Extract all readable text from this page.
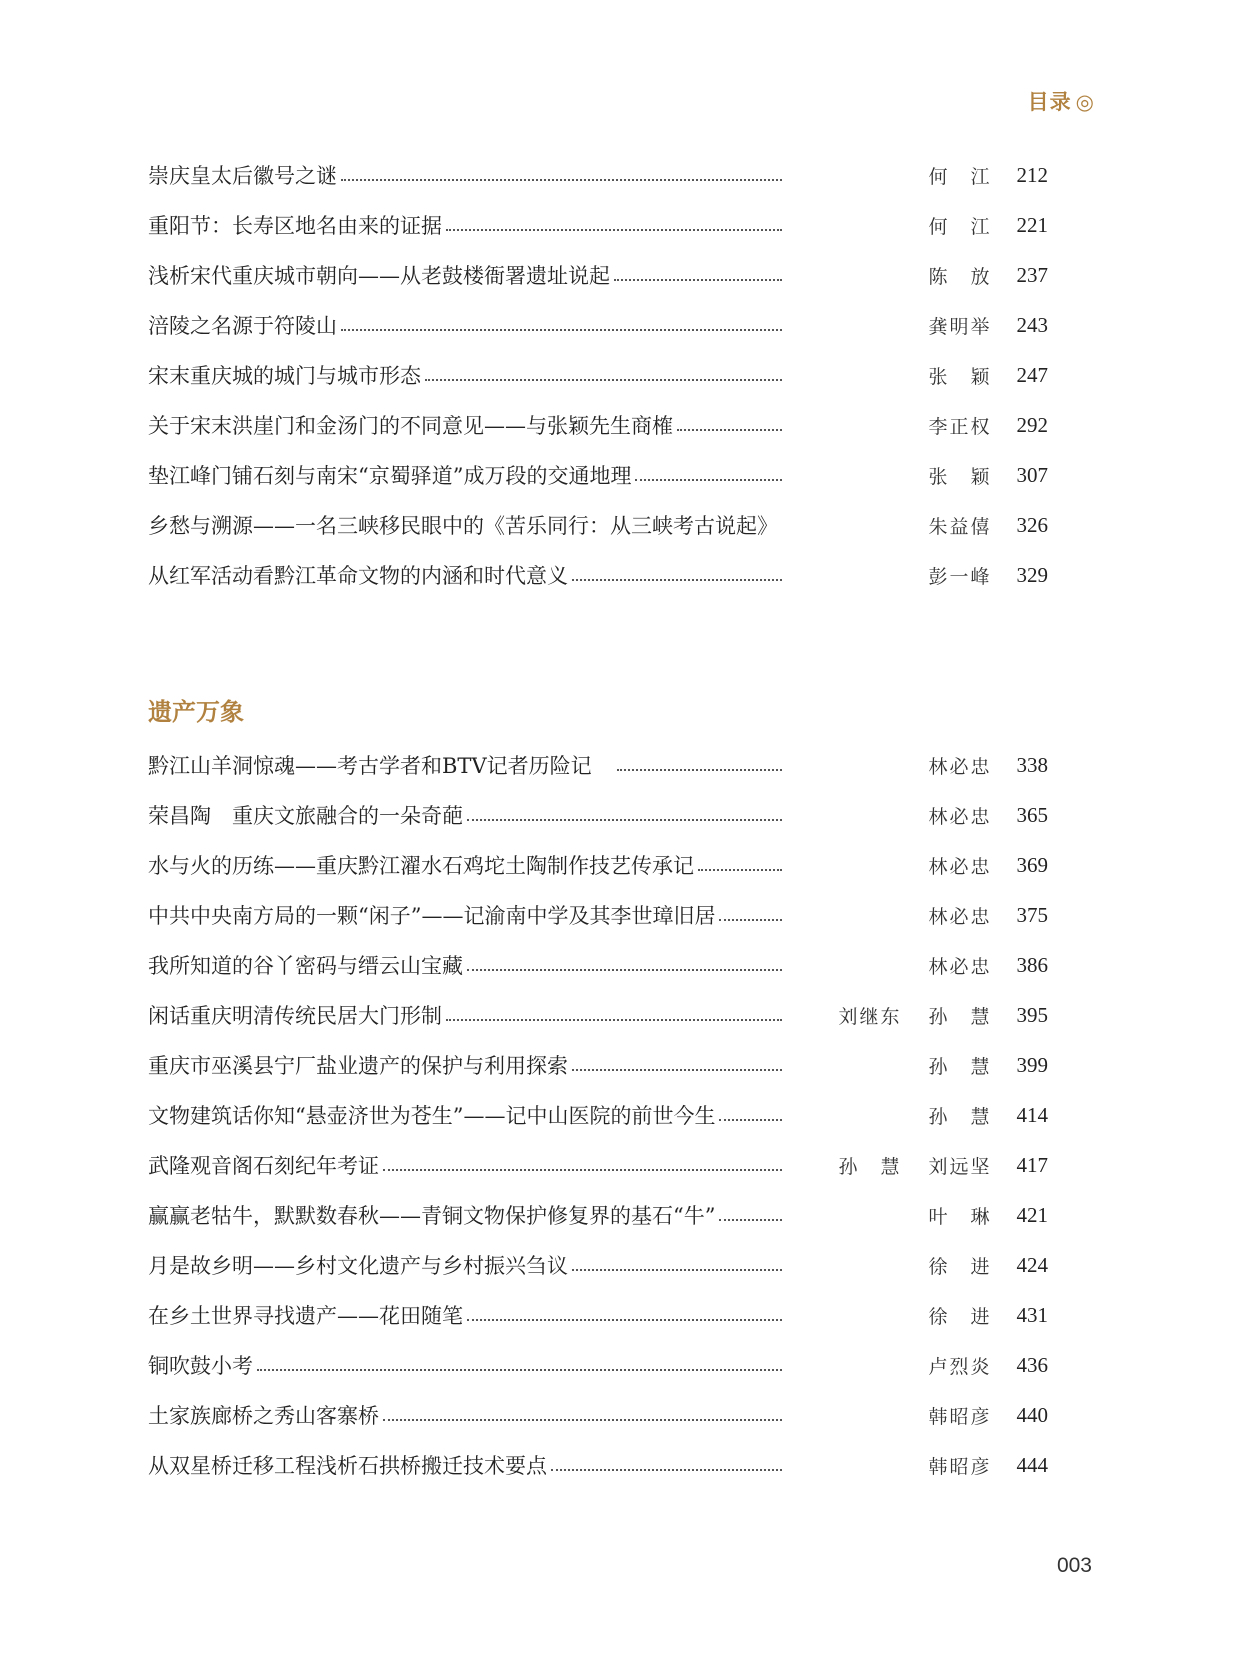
目录 ◎
崇庆皇太后徽号之谜	何　江	212
重阳节：长寿区地名由来的证据	何　江	221
浅析宋代重庆城市朝向——从老鼓楼衙署遗址说起	陈　放	237
涪陵之名源于符陵山	龚明举	243
宋末重庆城的城门与城市形态	张　颖	247
关于宋末洪崖门和金汤门的不同意见——与张颖先生商榷	李正权	292
垫江峰门铺石刻与南宋“京蜀驿道”成万段的交通地理	张　颖	307
乡愁与溯源——一名三峡移民眼中的《苦乐同行：从三峡考古说起》	朱益僖	326
从红军活动看黔江革命文物的内涵和时代意义	彭一峰	329
遗产万象
黔江山羊洞惊魂——考古学者和BTV记者历险记　	林必忠	338
荣昌陶　重庆文旅融合的一朵奇葩	林必忠	365
水与火的历练——重庆黔江濯水石鸡坨土陶制作技艺传承记	林必忠	369
中共中央南方局的一颗“闲子”——记渝南中学及其李世璋旧居	林必忠	375
我所知道的谷丫密码与缙云山宝藏	林必忠	386
闲话重庆明清传统民居大门形制	刘继东	孙　慧	395
重庆市巫溪县宁厂盐业遗产的保护与利用探索	孙　慧	399
文物建筑话你知“悬壶济世为苍生”——记中山医院的前世今生	孙　慧	414
武隆观音阁石刻纪年考证	孙　慧	刘远坚	417
赢赢老牯牛，默默数春秋——青铜文物保护修复界的基石“牛”	叶　琳	421
月是故乡明——乡村文化遗产与乡村振兴刍议	徐　进	424
在乡土世界寻找遗产——花田随笔	徐　进	431
铜吹鼓小考	卢烈炎	436
土家族廊桥之秀山客寨桥	韩昭彦	440
从双星桥迁移工程浅析石拱桥搬迁技术要点	韩昭彦	444
003
